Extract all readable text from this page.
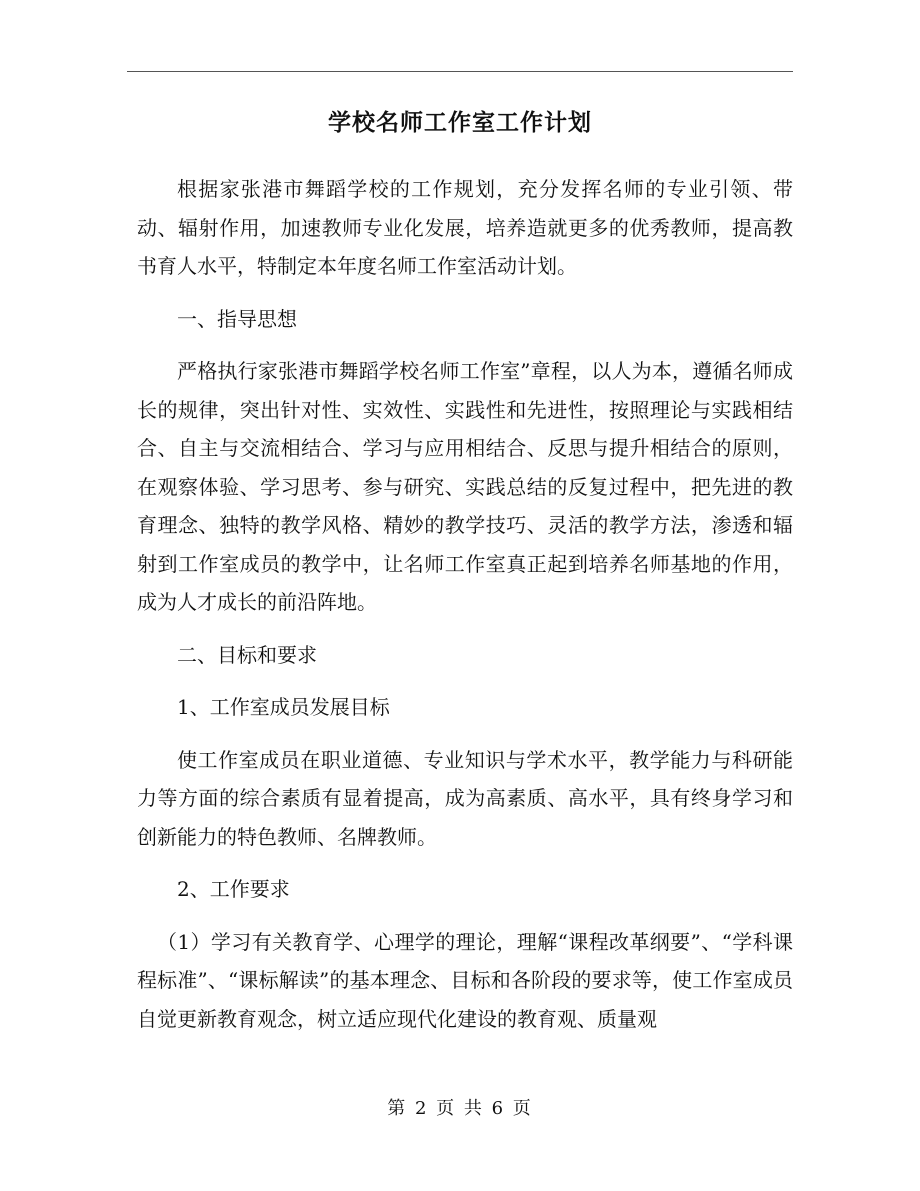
学校名师工作室工作计划

根据家张港市舞蹈学校的工作规划，充分发挥名师的专业引领、带动、辐射作用，加速教师专业化发展，培养造就更多的优秀教师，提高教书育人水平，特制定本年度名师工作室活动计划。

一、指导思想

严格执行家张港市舞蹈学校名师工作室”章程，以人为本，遵循名师成长的规律，突出针对性、实效性、实践性和先进性，按照理论与实践相结合、自主与交流相结合、学习与应用相结合、反思与提升相结合的原则，在观察体验、学习思考、参与研究、实践总结的反复过程中，把先进的教育理念、独特的教学风格、精妙的教学技巧、灵活的教学方法，渗透和辐射到工作室成员的教学中，让名师工作室真正起到培养名师基地的作用，成为人才成长的前沿阵地。

二、目标和要求

1、工作室成员发展目标

使工作室成员在职业道德、专业知识与学术水平，教学能力与科研能力等方面的综合素质有显着提高，成为高素质、高水平，具有终身学习和创新能力的特色教师、名牌教师。

2、工作要求

（1）学习有关教育学、心理学的理论，理解“课程改革纲要”、“学科课程标准”、“课标解读”的基本理念、目标和各阶段的要求等，使工作室成员自觉更新教育观念，树立适应现代化建设的教育观、质量观

第 2 页 共 6 页
